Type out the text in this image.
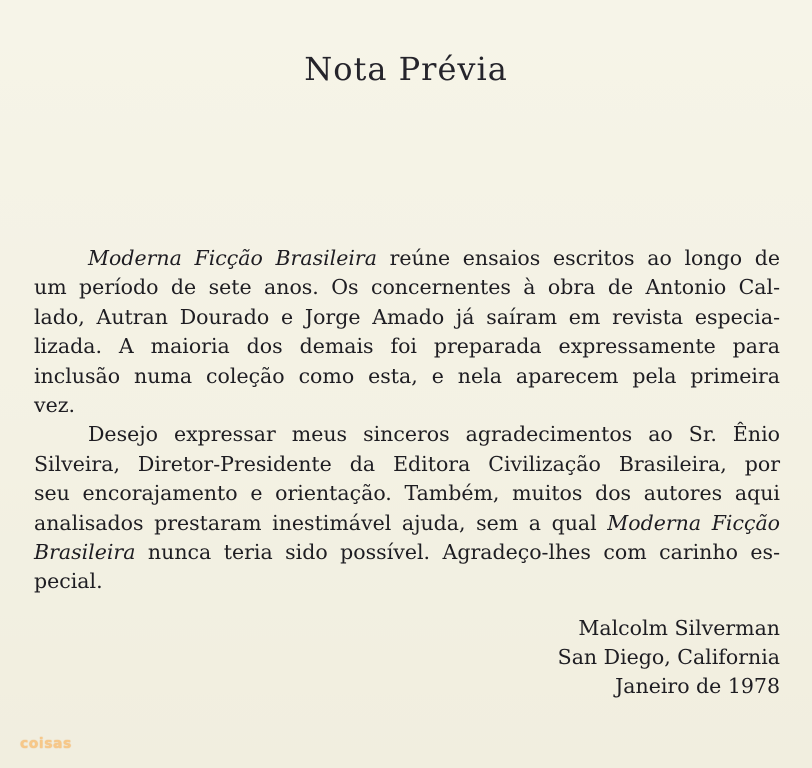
Nota Prévia

Moderna Ficção Brasileira reúne ensaios escritos ao longo de
um período de sete anos. Os concernentes à obra de Antonio Cal-
lado, Autran Dourado e Jorge Amado já saíram em revista especia-
lizada. A maioria dos demais foi preparada expressamente para
inclusão numa coleção como esta, e nela aparecem pela primeira
vez.

Desejo expressar meus sinceros agradecimentos ao Sr. Ênio
Silveira, Diretor-Presidente da Editora Civilização Brasileira, por
seu encorajamento e orientação. Também, muitos dos autores aqui
analisados prestaram inestimável ajuda, sem a qual Moderna Ficção
Brasileira nunca teria sido possível. Agradeço-lhes com carinho es-
pecial.

Malcolm Silverman
San Diego, California
Janeiro de 1978
coisas
